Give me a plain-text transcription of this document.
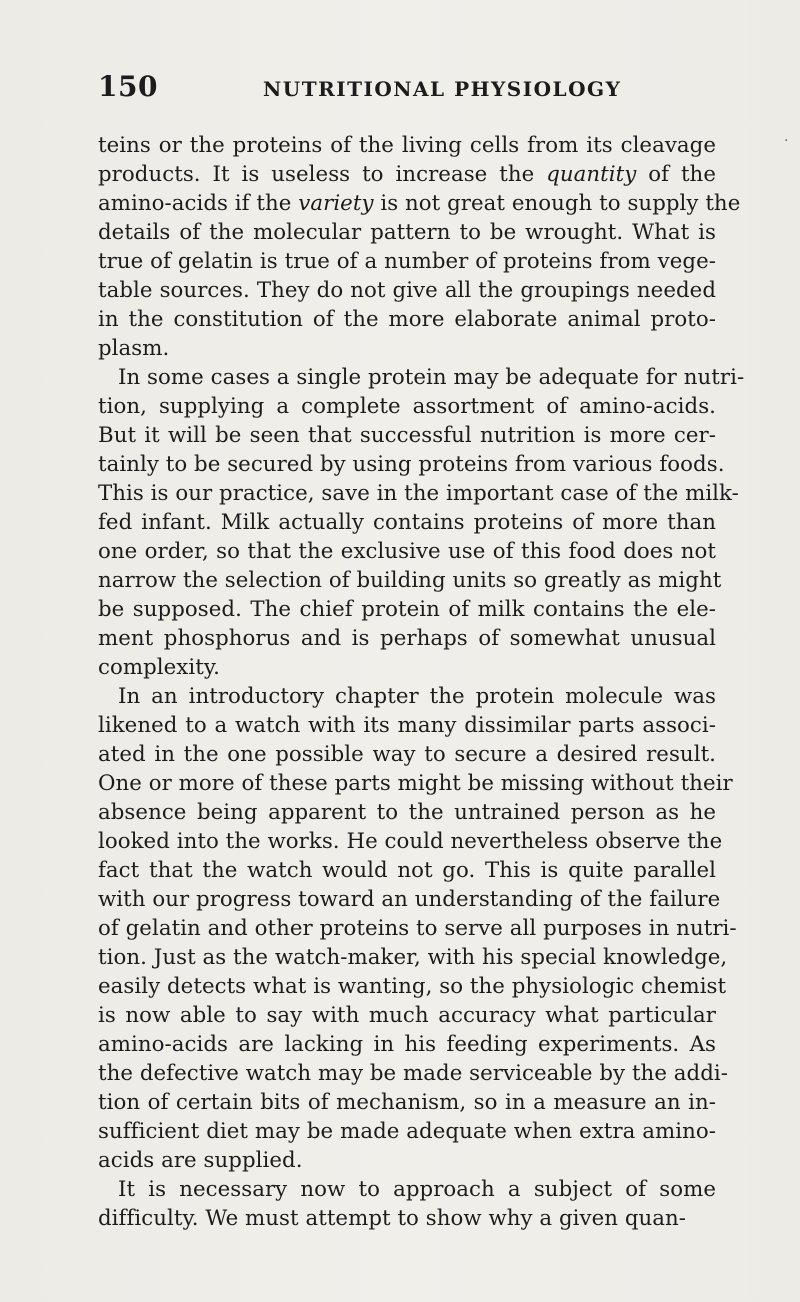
150	NUTRITIONAL PHYSIOLOGY
·
teins or the proteins of the living cells from its cleavage
products. It is useless to increase the quantity of the
amino-acids if the variety is not great enough to supply the
details of the molecular pattern to be wrought. What is
true of gelatin is true of a number of proteins from vege-
table sources. They do not give all the groupings needed
in the constitution of the more elaborate animal proto-
plasm.
In some cases a single protein may be adequate for nutri-
tion, supplying a complete assortment of amino-acids.
But it will be seen that successful nutrition is more cer-
tainly to be secured by using proteins from various foods.
This is our practice, save in the important case of the milk-
fed infant. Milk actually contains proteins of more than
one order, so that the exclusive use of this food does not
narrow the selection of building units so greatly as might
be supposed. The chief protein of milk contains the ele-
ment phosphorus and is perhaps of somewhat unusual
complexity.
In an introductory chapter the protein molecule was
likened to a watch with its many dissimilar parts associ-
ated in the one possible way to secure a desired result.
One or more of these parts might be missing without their
absence being apparent to the untrained person as he
looked into the works. He could nevertheless observe the
fact that the watch would not go. This is quite parallel
with our progress toward an understanding of the failure
of gelatin and other proteins to serve all purposes in nutri-
tion. Just as the watch-maker, with his special knowledge,
easily detects what is wanting, so the physiologic chemist
is now able to say with much accuracy what particular
amino-acids are lacking in his feeding experiments. As
the defective watch may be made serviceable by the addi-
tion of certain bits of mechanism, so in a measure an in-
sufficient diet may be made adequate when extra amino-
acids are supplied.
It is necessary now to approach a subject of some
difficulty. We must attempt to show why a given quan-
